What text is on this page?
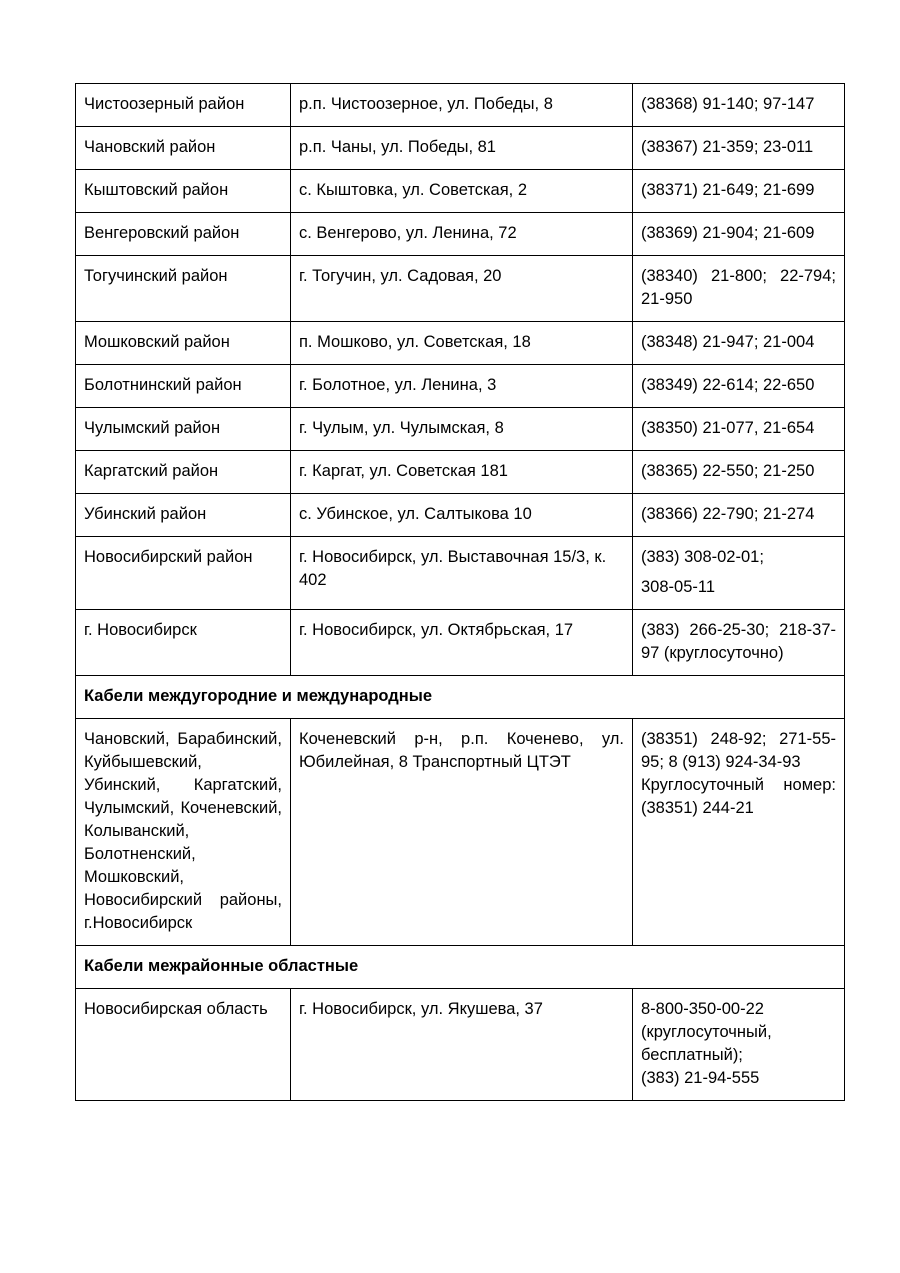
Чистоозерный район	р.п. Чистоозерное, ул. Победы, 8	(38368) 91-140; 97-147
Чановский район	р.п. Чаны, ул. Победы, 81	(38367) 21-359; 23-011
Кыштовский район	с. Кыштовка, ул. Советская, 2	(38371) 21-649; 21-699
Венгеровский район	с. Венгерово, ул. Ленина, 72	(38369) 21-904; 21-609
Тогучинский район	г. Тогучин, ул. Садовая, 20	(38340) 21-800; 22-794; 21-950
Мошковский район	п. Мошково, ул. Советская, 18	(38348) 21-947; 21-004
Болотнинский район	г. Болотное, ул. Ленина, 3	(38349) 22-614; 22-650
Чулымский район	г. Чулым, ул. Чулымская, 8	(38350) 21-077, 21-654
Каргатский район	г. Каргат, ул. Советская 181	(38365) 22-550; 21-250
Убинский район	с. Убинское, ул. Салтыкова 10	(38366) 22-790; 21-274
Новосибирский район	г. Новосибирск, ул. Выставочная 15/3, к. 402	(383) 308-02-01;
308-05-11

г. Новосибирск	г. Новосибирск, ул. Октябрьская, 17	(383) 266-25-30; 218-37-97 (круглосуточно)
Кабели междугородние и международные		
Чановский, Барабинский, Куйбышевский, Убинский, Каргатский, Чулымский, Коченевский, Колыванский, Болотненский, Мошковский, Новосибирский районы, г.Новосибирск	Коченевский р-н, р.п. Коченево, ул. Юбилейная, 8 Транспортный ЦТЭТ	(38351) 248-92; 271-55-95; 8 (913) 924-34-93
Круглосуточный номер: (38351) 244-21

Кабели межрайонные областные		
Новосибирская область	г. Новосибирск, ул. Якушева, 37	8-800-350-00-22
(круглосуточный,
бесплатный);
(383) 21-94-555
